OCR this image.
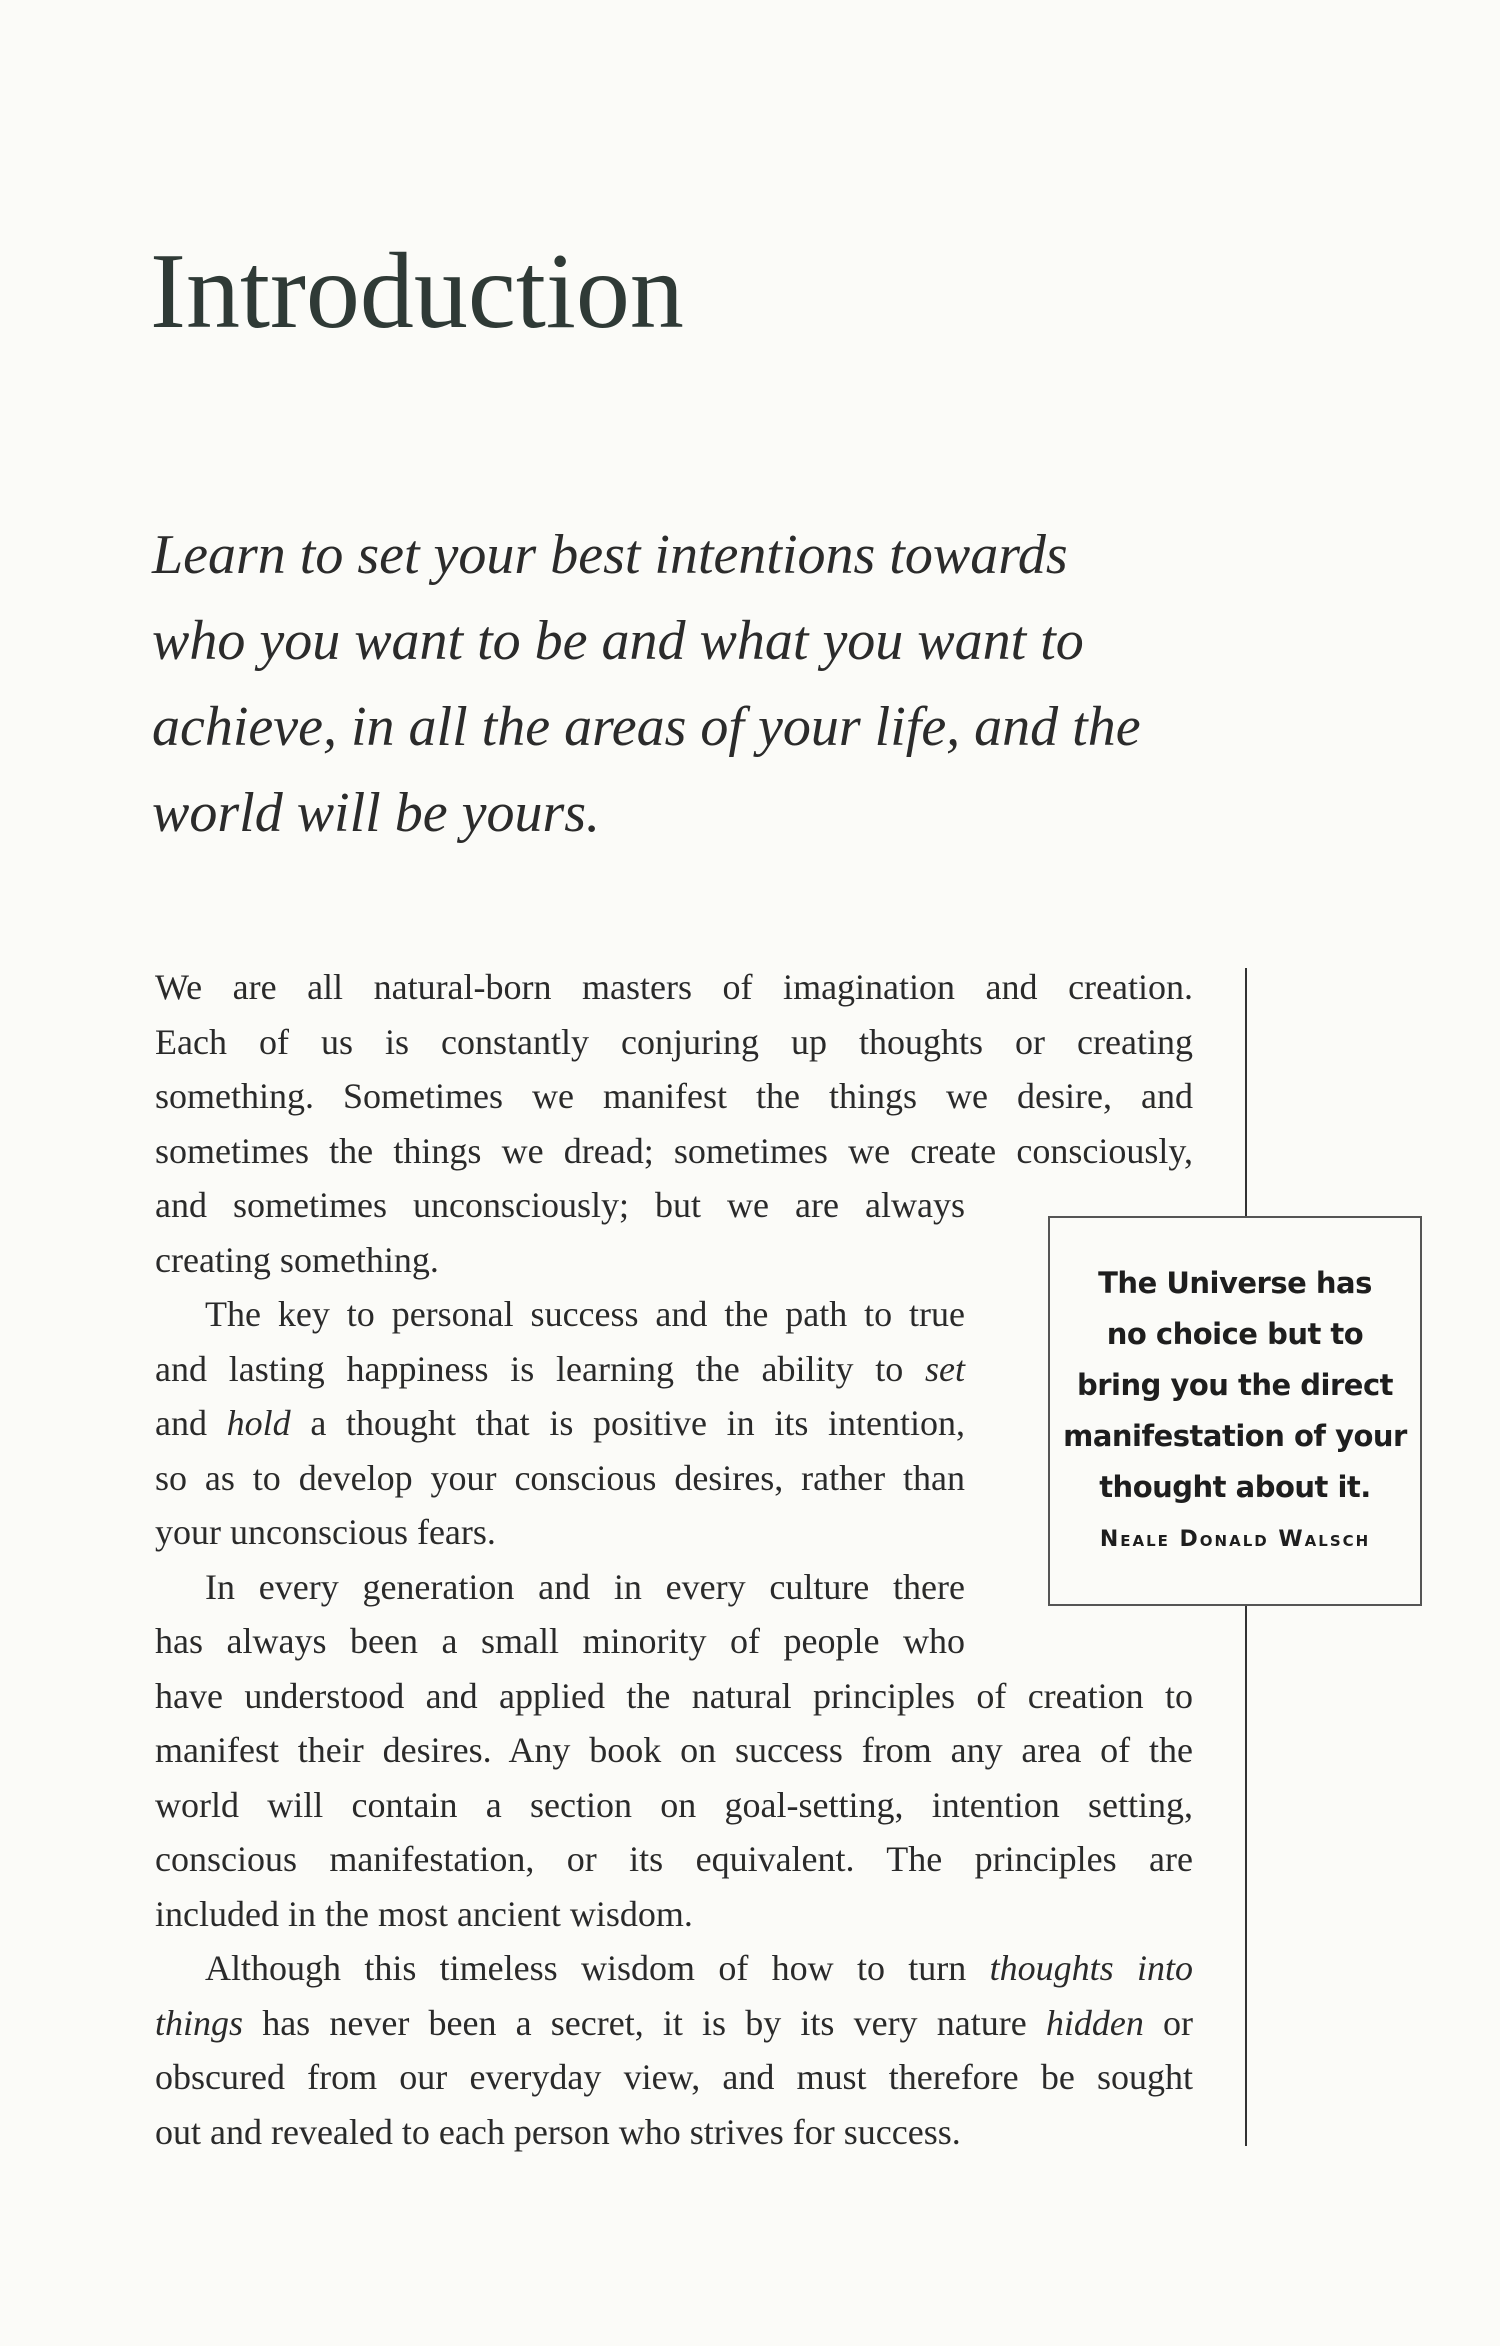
Introduction
Learn to set your best intentions towards
who you want to be and what you want to
achieve, in all the areas of your life, and the
world will be yours.
The Universe has
no choice but to
bring you the direct
manifestation of your
thought about it.
Neale Donald Walsch
We are all natural-born masters of imagination and creation.
Each of us is constantly conjuring up thoughts or creating
something. Sometimes we manifest the things we desire, and
sometimes the things we dread; sometimes we create consciously,
and sometimes unconsciously; but we are always
creating something.
The key to personal success and the path to true
and lasting happiness is learning the ability to set
and hold a thought that is positive in its intention,
so as to develop your conscious desires, rather than
your unconscious fears.
In every generation and in every culture there
has always been a small minority of people who
have understood and applied the natural principles of creation to
manifest their desires. Any book on success from any area of the
world will contain a section on goal-setting, intention setting,
conscious manifestation, or its equivalent. The principles are
included in the most ancient wisdom.
Although this timeless wisdom of how to turn thoughts into
things has never been a secret, it is by its very nature hidden or
obscured from our everyday view, and must therefore be sought
out and revealed to each person who strives for success.
